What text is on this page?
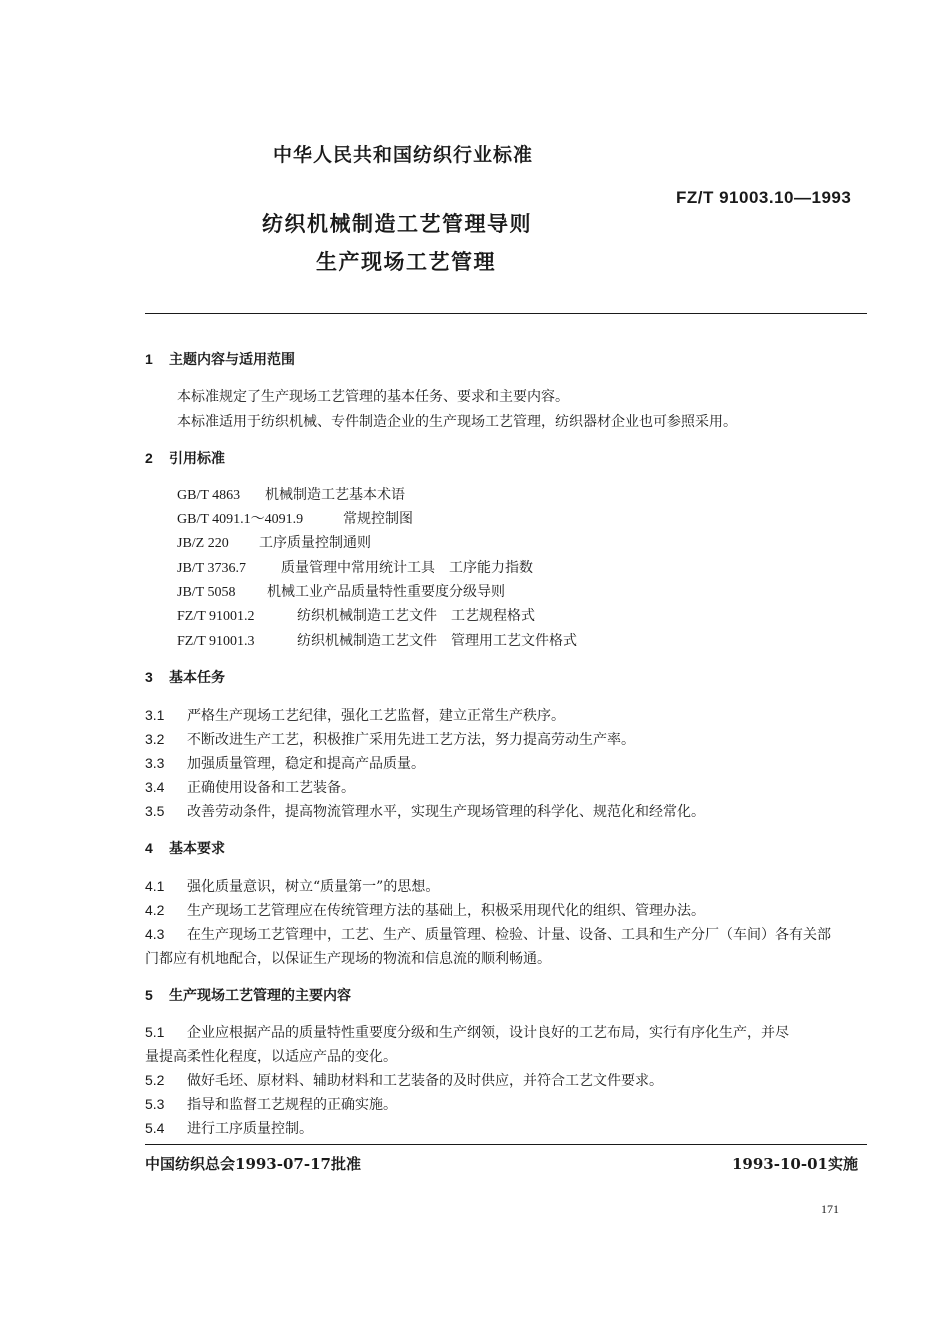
中华人民共和国纺织行业标准
FZ/T 91003.10—1993
纺织机械制造工艺管理导则
生产现场工艺管理
1 主题内容与适用范围
本标准规定了生产现场工艺管理的基本任务、要求和主要内容。
本标准适用于纺织机械、专件制造企业的生产现场工艺管理，纺织器材企业也可参照采用。
2 引用标准
GB/T 4863 机械制造工艺基本术语
GB/T 4091.1～4091.9	常规控制图
JB/Z 220 工序质量控制通则
JB/T 3736.7	质量管理中常用统计工具　工序能力指数
JB/T 5058 机械工业产品质量特性重要度分级导则
FZ/T 91001.2	纺织机械制造工艺文件　工艺规程格式
FZ/T 91001.3	纺织机械制造工艺文件　管理用工艺文件格式
3 基本任务
3.1 严格生产现场工艺纪律，强化工艺监督，建立正常生产秩序。
3.2 不断改进生产工艺，积极推广采用先进工艺方法，努力提高劳动生产率。
3.3 加强质量管理，稳定和提高产品质量。
3.4 正确使用设备和工艺装备。
3.5 改善劳动条件，提高物流管理水平，实现生产现场管理的科学化、规范化和经常化。
4 基本要求
4.1 强化质量意识，树立“质量第一”的思想。
4.2 生产现场工艺管理应在传统管理方法的基础上，积极采用现代化的组织、管理办法。
4.3 在生产现场工艺管理中，工艺、生产、质量管理、检验、计量、设备、工具和生产分厂（车间）各有关部
门都应有机地配合，以保证生产现场的物流和信息流的顺利畅通。
5 生产现场工艺管理的主要内容
5.1 企业应根据产品的质量特性重要度分级和生产纲领，设计良好的工艺布局，实行有序化生产，并尽
量提高柔性化程度，以适应产品的变化。
5.2 做好毛坯、原材料、辅助材料和工艺装备的及时供应，并符合工艺文件要求。
5.3 指导和监督工艺规程的正确实施。
5.4 进行工序质量控制。
中国纺织总会1993-07-17批准	1993-10-01实施
171
